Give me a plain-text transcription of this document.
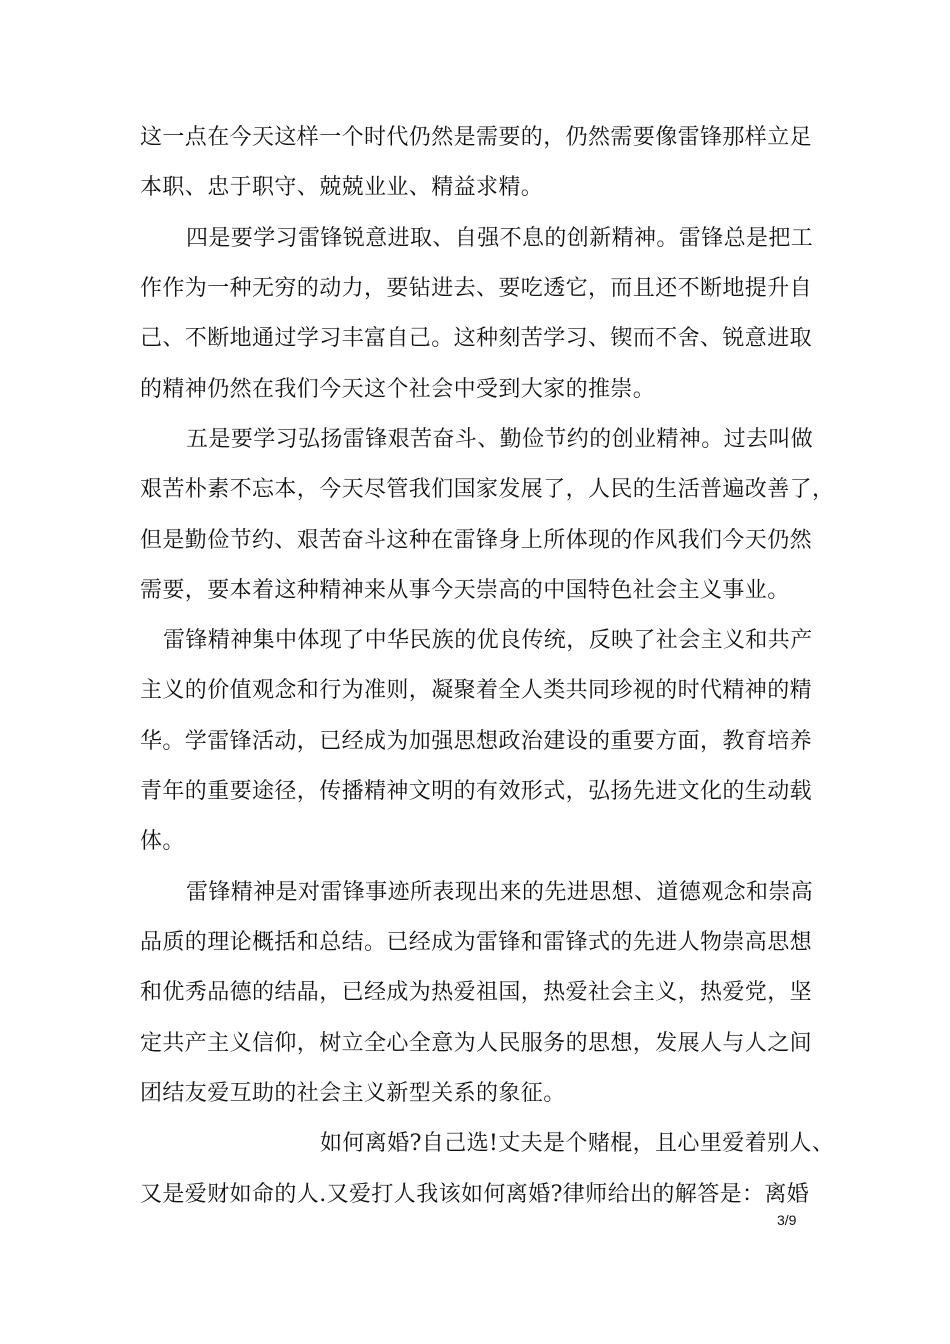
这一点在今天这样一个时代仍然是需要的，仍然需要像雷锋那样立足
本职、忠于职守、兢兢业业、精益求精。
四是要学习雷锋锐意进取、自强不息的创新精神。雷锋总是把工
作作为一种无穷的动力，要钻进去、要吃透它，而且还不断地提升自
己、不断地通过学习丰富自己。这种刻苦学习、锲而不舍、锐意进取
的精神仍然在我们今天这个社会中受到大家的推崇。
五是要学习弘扬雷锋艰苦奋斗、勤俭节约的创业精神。过去叫做
艰苦朴素不忘本，今天尽管我们国家发展了，人民的生活普遍改善了，
但是勤俭节约、艰苦奋斗这种在雷锋身上所体现的作风我们今天仍然
需要，要本着这种精神来从事今天崇高的中国特色社会主义事业。
雷锋精神集中体现了中华民族的优良传统，反映了社会主义和共产
主义的价值观念和行为准则，凝聚着全人类共同珍视的时代精神的精
华。学雷锋活动，已经成为加强思想政治建设的重要方面，教育培养
青年的重要途径，传播精神文明的有效形式，弘扬先进文化的生动载
体。
雷锋精神是对雷锋事迹所表现出来的先进思想、道德观念和崇高
品质的理论概括和总结。已经成为雷锋和雷锋式的先进人物崇高思想
和优秀品德的结晶，已经成为热爱祖国，热爱社会主义，热爱党，坚
定共产主义信仰，树立全心全意为人民服务的思想，发展人与人之间
团结友爱互助的社会主义新型关系的象征。
如何离婚?自己选!丈夫是个赌棍，且心里爱着别人、
又是爱财如命的人.又爱打人我该如何离婚?律师给出的解答是：离婚
3/9
